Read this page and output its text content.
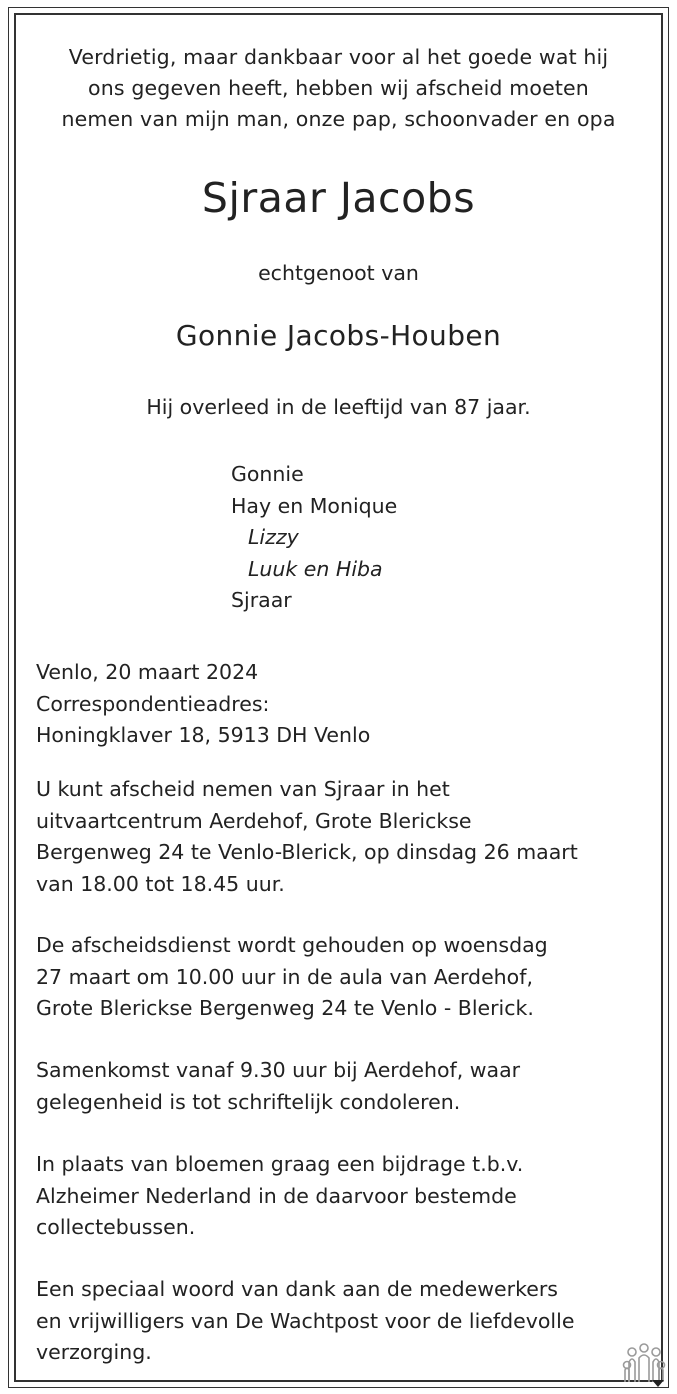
Verdrietig, maar dankbaar voor al het goede wat hij
ons gegeven heeft, hebben wij afscheid moeten
nemen van mijn man, onze pap, schoonvader en opa

Sjraar Jacobs

echtgenoot van

Gonnie Jacobs-Houben

Hij overleed in de leeftijd van 87 jaar.

Gonnie
Hay en Monique
Lizzy
Luuk en Hiba
Sjraar

Venlo, 20 maart 2024
Correspondentieadres:
Honingklaver 18, 5913 DH Venlo

U kunt afscheid nemen van Sjraar in het
uitvaartcentrum Aerdehof, Grote Blerickse
Bergenweg 24 te Venlo-Blerick, op dinsdag 26 maart
van 18.00 tot 18.45 uur.

De afscheidsdienst wordt gehouden op woensdag
27 maart om 10.00 uur in de aula van Aerdehof,
Grote Blerickse Bergenweg 24 te Venlo - Blerick.

Samenkomst vanaf 9.30 uur bij Aerdehof, waar
gelegenheid is tot schriftelijk condoleren.

In plaats van bloemen graag een bijdrage t.b.v.
Alzheimer Nederland in de daarvoor bestemde
collectebussen.

Een speciaal woord van dank aan de medewerkers
en vrijwilligers van De Wachtpost voor de liefdevolle
verzorging.
